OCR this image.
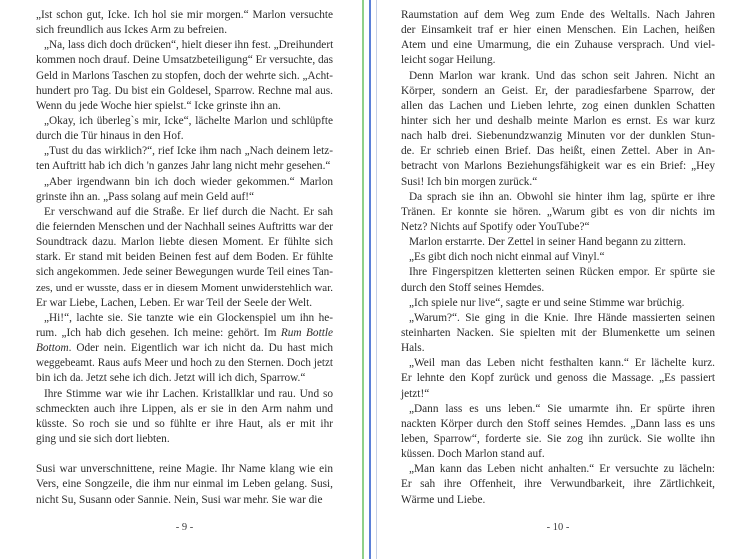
„Ist schon gut, Icke. Ich hol sie mir morgen.“ Marlon versuchte
sich freundlich aus Ickes Arm zu befreien.
„Na, lass dich doch drücken“, hielt dieser ihn fest. „Dreihundert
kommen noch drauf. Deine Umsatzbeteiligung“ Er versuchte, das
Geld in Marlons Taschen zu stopfen, doch der wehrte sich. „Acht-
hundert pro Tag. Du bist ein Goldesel, Sparrow. Rechne mal aus.
Wenn du jede Woche hier spielst.“ Icke grinste ihn an.
„Okay, ich überleg`s mir, Icke“, lächelte Marlon und schlüpfte
durch die Tür hinaus in den Hof.
„Tust du das wirklich?“, rief Icke ihm nach „Nach deinem letz-
ten Auftritt hab ich dich 'n ganzes Jahr lang nicht mehr gesehen.“
„Aber irgendwann bin ich doch wieder gekommen.“ Marlon
grinste ihn an. „Pass solang auf mein Geld auf!“
Er verschwand auf die Straße. Er lief durch die Nacht. Er sah
die feiernden Menschen und der Nachhall seines Auftritts war der
Soundtrack dazu. Marlon liebte diesen Moment. Er fühlte sich
stark. Er stand mit beiden Beinen fest auf dem Boden. Er fühlte
sich angekommen. Jede seiner Bewegungen wurde Teil eines Tan-
zes, und er wusste, dass er in diesem Moment unwiderstehlich war.
Er war Liebe, Lachen, Leben. Er war Teil der Seele der Welt.
„Hi!“, lachte sie. Sie tanzte wie ein Glockenspiel um ihn he-
rum. „Ich hab dich gesehen. Ich meine: gehört. Im Rum Bottle
Bottom. Oder nein. Eigentlich war ich nicht da. Du hast mich
weggebeamt. Raus aufs Meer und hoch zu den Sternen. Doch jetzt
bin ich da. Jetzt sehe ich dich. Jetzt will ich dich, Sparrow.“
Ihre Stimme war wie ihr Lachen. Kristallklar und rau. Und so
schmeckten auch ihre Lippen, als er sie in den Arm nahm und
küsste. So roch sie und so fühlte er ihre Haut, als er mit ihr
ging und sie sich dort liebten.
Susi war unverschnittene, reine Magie. Ihr Name klang wie ein
Vers, eine Songzeile, die ihm nur einmal im Leben gelang. Susi,
nicht Su, Susann oder Sannie. Nein, Susi war mehr. Sie war die
- 9 -
Raumstation auf dem Weg zum Ende des Weltalls. Nach Jahren
der Einsamkeit traf er hier einen Menschen. Ein Lachen, heißen
Atem und eine Umarmung, die ein Zuhause versprach. Und viel-
leicht sogar Heilung.
Denn Marlon war krank. Und das schon seit Jahren. Nicht an
Körper, sondern an Geist. Er, der paradiesfarbene Sparrow, der
allen das Lachen und Lieben lehrte, zog einen dunklen Schatten
hinter sich her und deshalb meinte Marlon es ernst. Es war kurz
nach halb drei. Siebenundzwanzig Minuten vor der dunklen Stun-
de. Er schrieb einen Brief. Das heißt, einen Zettel. Aber in An-
betracht von Marlons Beziehungsfähigkeit war es ein Brief: „Hey
Susi! Ich bin morgen zurück.“
Da sprach sie ihn an. Obwohl sie hinter ihm lag, spürte er ihre
Tränen. Er konnte sie hören. „Warum gibt es von dir nichts im
Netz? Nichts auf Spotify oder YouTube?“
Marlon erstarrte. Der Zettel in seiner Hand begann zu zittern.
„Es gibt dich noch nicht einmal auf Vinyl.“
Ihre Fingerspitzen kletterten seinen Rücken empor. Er spürte sie
durch den Stoff seines Hemdes.
„Ich spiele nur live“, sagte er und seine Stimme war brüchig.
„Warum?“. Sie ging in die Knie. Ihre Hände massierten seinen
steinharten Nacken. Sie spielten mit der Blumenkette um seinen
Hals.
„Weil man das Leben nicht festhalten kann.“ Er lächelte kurz.
Er lehnte den Kopf zurück und genoss die Massage. „Es passiert
jetzt!“
„Dann lass es uns leben.“ Sie umarmte ihn. Er spürte ihren
nackten Körper durch den Stoff seines Hemdes. „Dann lass es uns
leben, Sparrow“, forderte sie. Sie zog ihn zurück. Sie wollte ihn
küssen. Doch Marlon stand auf.
„Man kann das Leben nicht anhalten.“ Er versuchte zu lächeln:
Er sah ihre Offenheit, ihre Verwundbarkeit, ihre Zärtlichkeit,
Wärme und Liebe.
- 10 -
